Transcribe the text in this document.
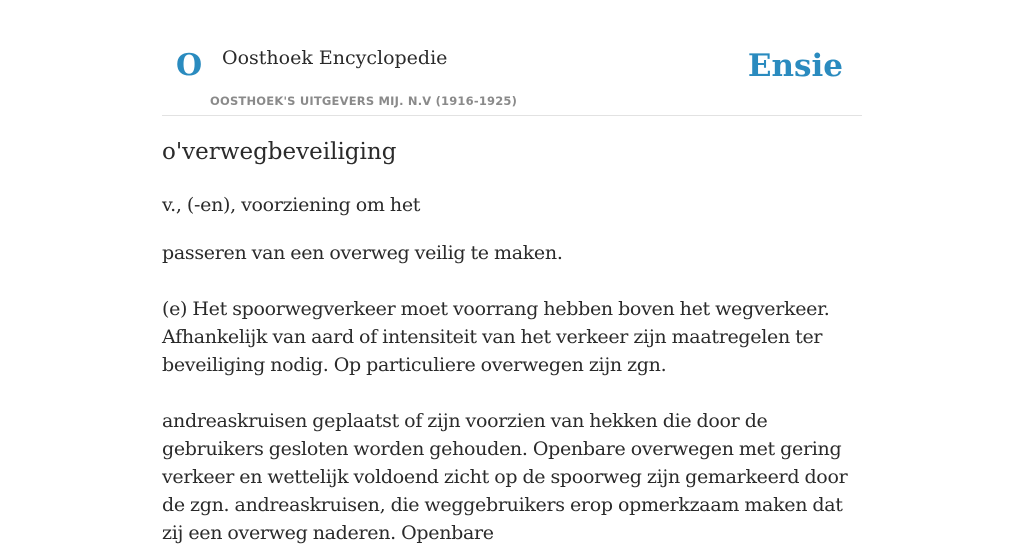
O Oosthoek Encyclopedie
OOSTHOEK'S UITGEVERS MIJ. N.V (1916-1925)
Ensie
o'verwegbeveiliging

v., (-en), voorziening om het

passeren van een overweg veilig te maken.

(e) Het spoorwegverkeer moet voorrang hebben boven het wegverkeer. Afhankelijk van aard of intensiteit van het verkeer zijn maatregelen ter beveiliging nodig. Op particuliere overwegen zijn zgn.

andreaskruisen geplaatst of zijn voorzien van hekken die door de gebruikers gesloten worden gehouden. Openbare overwegen met gering verkeer en wettelijk voldoend zicht op de spoorweg zijn gemarkeerd door de zgn. andreaskruisen, die weggebruikers erop opmerkzaam maken dat zij een overweg naderen. Openbare
